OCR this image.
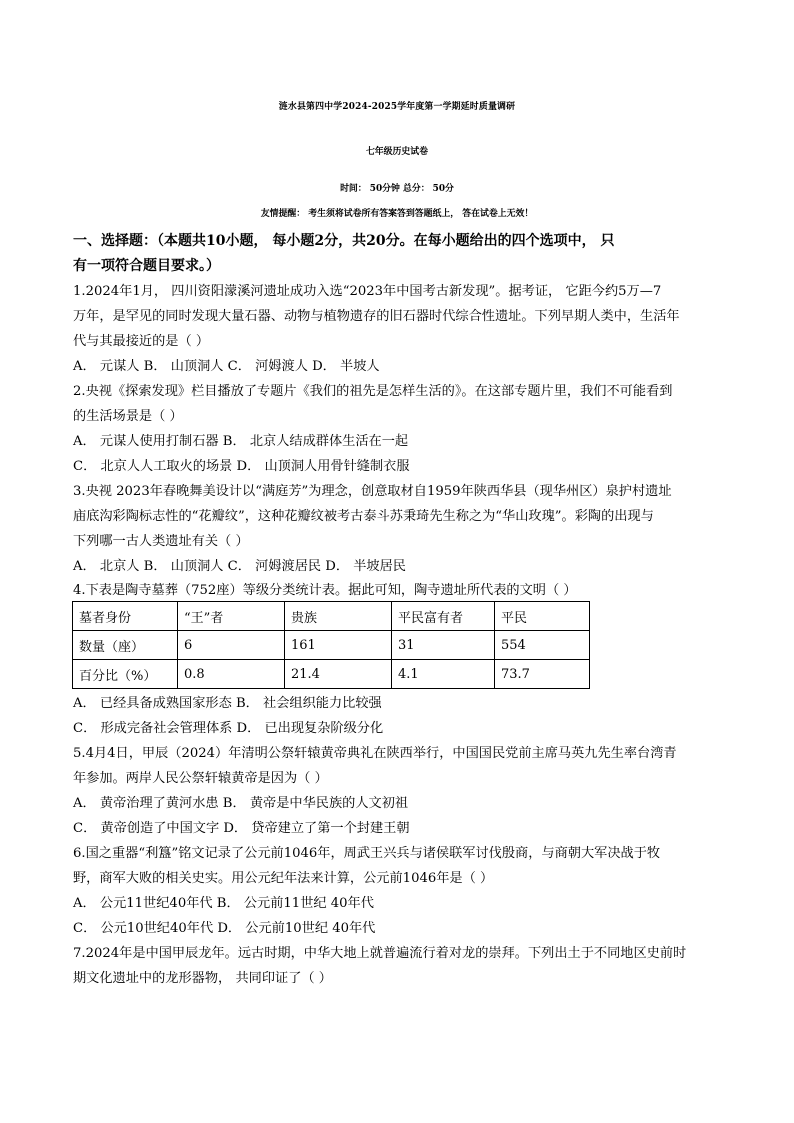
涟水县第四中学2024-2025学年度第一学期延时质量调研
七年级历史试卷
时间： 50分钟 总分： 50分
友情提醒： 考生须将试卷所有答案答到答题纸上， 答在试卷上无效！
一、选择题：（本题共10小题， 每小题2分，共20分。在每小题给出的四个选项中， 只
有一项符合题目要求。）
1.2024年1月， 四川资阳濛溪河遗址成功入选“2023年中国考古新发现”。据考证， 它距今约5万—7
万年，是罕见的同时发现大量石器、动物与植物遗存的旧石器时代综合性遗址。下列早期人类中，生活年
代与其最接近的是（ ）
A． 元谋人 B． 山顶洞人 C． 河姆渡人 D． 半坡人
2.央视《探索发现》栏目播放了专题片《我们的祖先是怎样生活的》。在这部专题片里，我们不可能看到
的生活场景是（ ）
A． 元谋人使用打制石器 B． 北京人结成群体生活在一起
C． 北京人人工取火的场景 D． 山顶洞人用骨针缝制衣服
3.央视 2023年春晚舞美设计以“满庭芳”为理念，创意取材自1959年陕西华县（现华州区）泉护村遗址
庙底沟彩陶标志性的“花瓣纹”，这种花瓣纹被考古泰斗苏秉琦先生称之为“华山玫瑰”。彩陶的出现与
下列哪一古人类遗址有关（ ）
A． 北京人 B． 山顶洞人 C． 河姆渡居民 D． 半坡居民
4.下表是陶寺墓葬（752座）等级分类统计表。据此可知，陶寺遗址所代表的文明（ ）
墓者身份	“王”者	贵族	平民富有者	平民
数量（座）	6	161	31	554
百分比（%）	0.8	21.4	4.1	73.7
A． 已经具备成熟国家形态 B． 社会组织能力比较强
C． 形成完备社会管理体系 D． 已出现复杂阶级分化
5.4月4日，甲辰（2024）年清明公祭轩辕黄帝典礼在陕西举行，中国国民党前主席马英九先生率台湾青
年参加。两岸人民公祭轩辕黄帝是因为（ ）
A． 黄帝治理了黄河水患 B． 黄帝是中华民族的人文初祖
C． 黄帝创造了中国文字 D． 贷帝建立了第一个封建王朝
6.国之重器“利簋”铭文记录了公元前1046年，周武王兴兵与诸侯联军讨伐殷商，与商朝大军决战于牧
野，商军大败的相关史实。用公元纪年法来计算，公元前1046年是（ ）
A． 公元11世纪40年代 B． 公元前11世纪 40年代
C． 公元10世纪40年代 D． 公元前10世纪 40年代
7.2024年是中国甲辰龙年。远古时期，中华大地上就普遍流行着对龙的崇拜。下列出土于不同地区史前时
期文化遗址中的龙形器物， 共同印证了（ ）
